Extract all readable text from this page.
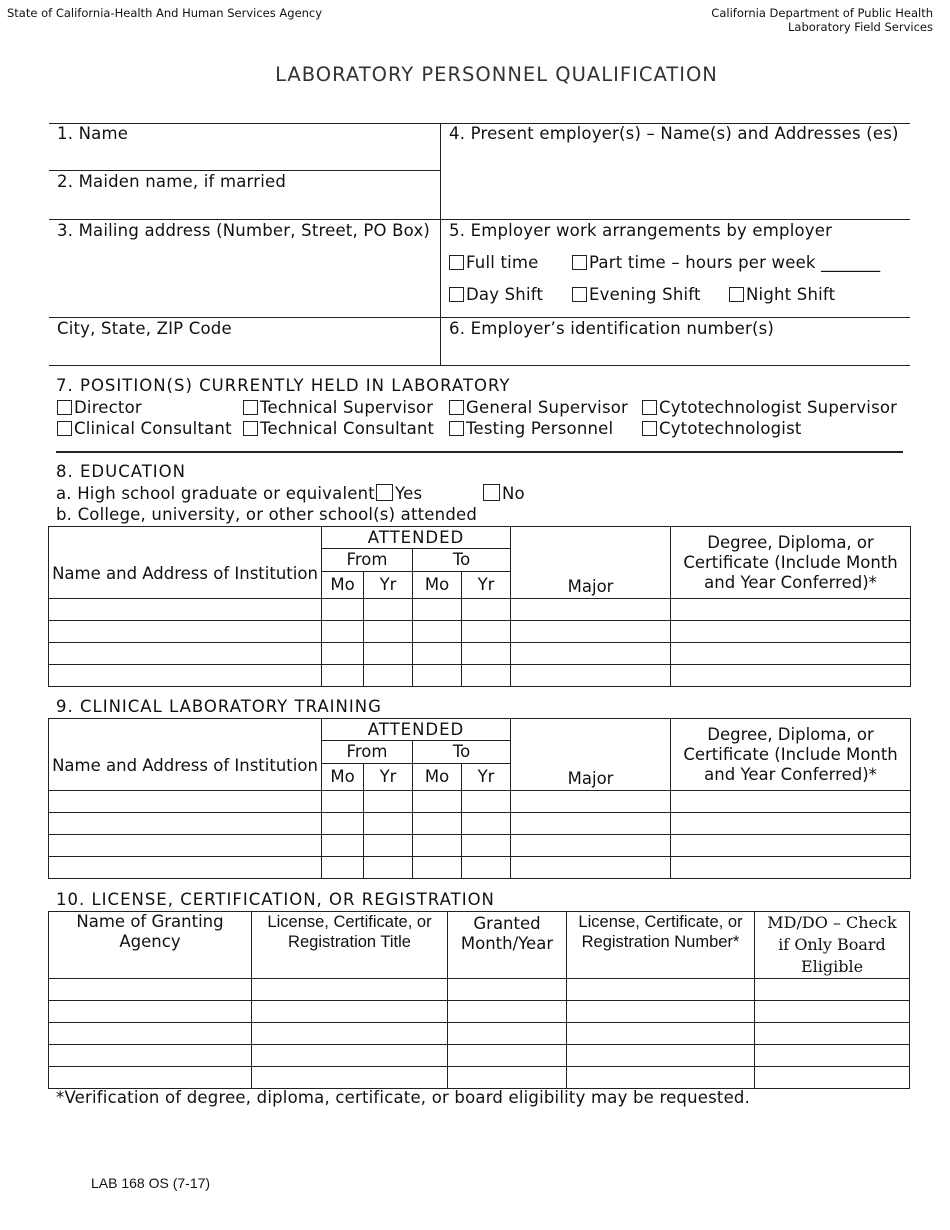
State of California-Health And Human Services Agency	California Department of Public Health
Laboratory Field Services
LABORATORY PERSONNEL QUALIFICATION
1. Name
2. Maiden name, if married
3. Mailing address (Number, Street, PO Box)
City, State, ZIP Code
4. Present employer(s) – Name(s) and Addresses (es)
5. Employer work arrangements by employer
Full time	Part time – hours per week _______
Day Shift	Evening Shift	Night Shift
6. Employer’s identification number(s)
7. POSITION(S) CURRENTLY HELD IN LABORATORY
Director	Technical Supervisor	General Supervisor	Cytotechnologist Supervisor
Clinical Consultant	Technical Consultant	Testing Personnel	Cytotechnologist
8. EDUCATION
a. High school graduate or equivalent	Yes	No
b. College, university, or other school(s) attended
Name and Address of Institution	ATTENDED				Major	Degree, Diploma, or Certificate (Include Month and Year Conferred)*
	From		To			
	Mo	Yr	Mo	Yr		

9. CLINICAL LABORATORY TRAINING
Name and Address of Institution	ATTENDED				Major	Degree, Diploma, or Certificate (Include Month and Year Conferred)*
	From		To			
	Mo	Yr	Mo	Yr		

10. LICENSE, CERTIFICATION, OR REGISTRATION
Name of Granting Agency	License, Certificate, or Registration Title	Granted Month/Year	License, Certificate, or Registration Number*	MD/DO – Check if Only Board Eligible

*Verification of degree, diploma, certificate, or board eligibility may be requested.
LAB 168 OS (7-17)
